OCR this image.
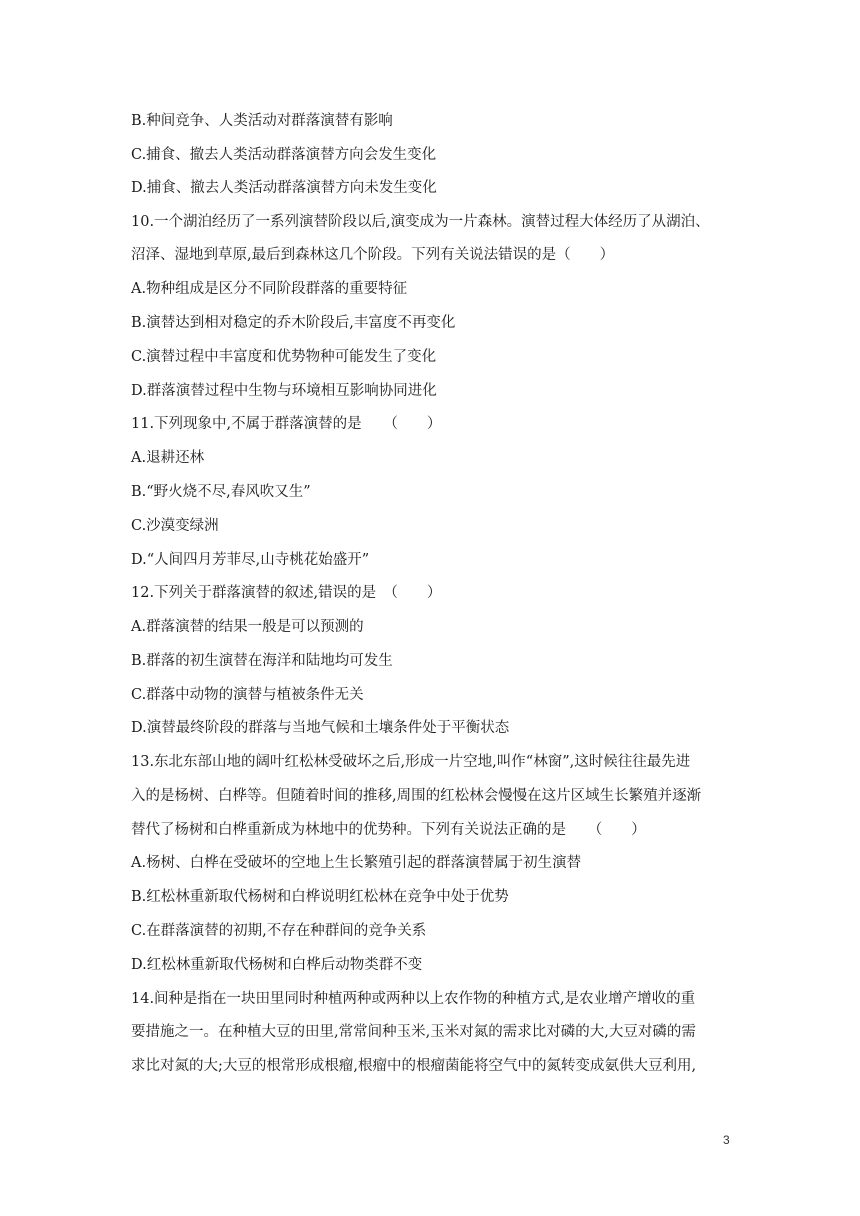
B.种间竞争、人类活动对群落演替有影响
C.捕食、撤去人类活动群落演替方向会发生变化
D.捕食、撤去人类活动群落演替方向未发生变化
10.一个湖泊经历了一系列演替阶段以后,演变成为一片森林。演替过程大体经历了从湖泊、
沼泽、湿地到草原,最后到森林这几个阶段。下列有关说法错误的是（　　）
A.物种组成是区分不同阶段群落的重要特征
B.演替达到相对稳定的乔木阶段后,丰富度不再变化
C.演替过程中丰富度和优势物种可能发生了变化
D.群落演替过程中生物与环境相互影响协同进化
11.下列现象中,不属于群落演替的是　　（　　）
A.退耕还林
B.“野火烧不尽,春风吹又生”
C.沙漠变绿洲
D.“人间四月芳菲尽,山寺桃花始盛开”
12.下列关于群落演替的叙述,错误的是　（　　）
A.群落演替的结果一般是可以预测的
B.群落的初生演替在海洋和陆地均可发生
C.群落中动物的演替与植被条件无关
D.演替最终阶段的群落与当地气候和土壤条件处于平衡状态
13.东北东部山地的阔叶红松林受破坏之后,形成一片空地,叫作“林窗”,这时候往往最先进
入的是杨树、白桦等。但随着时间的推移,周围的红松林会慢慢在这片区域生长繁殖并逐渐
替代了杨树和白桦重新成为林地中的优势种。下列有关说法正确的是　　（　　）
A.杨树、白桦在受破坏的空地上生长繁殖引起的群落演替属于初生演替
B.红松林重新取代杨树和白桦说明红松林在竞争中处于优势
C.在群落演替的初期,不存在种群间的竞争关系
D.红松林重新取代杨树和白桦后动物类群不变
14.间种是指在一块田里同时种植两种或两种以上农作物的种植方式,是农业增产增收的重
要措施之一。在种植大豆的田里,常常间种玉米,玉米对氮的需求比对磷的大,大豆对磷的需
求比对氮的大;大豆的根常形成根瘤,根瘤中的根瘤菌能将空气中的氮转变成氨供大豆利用,
3
